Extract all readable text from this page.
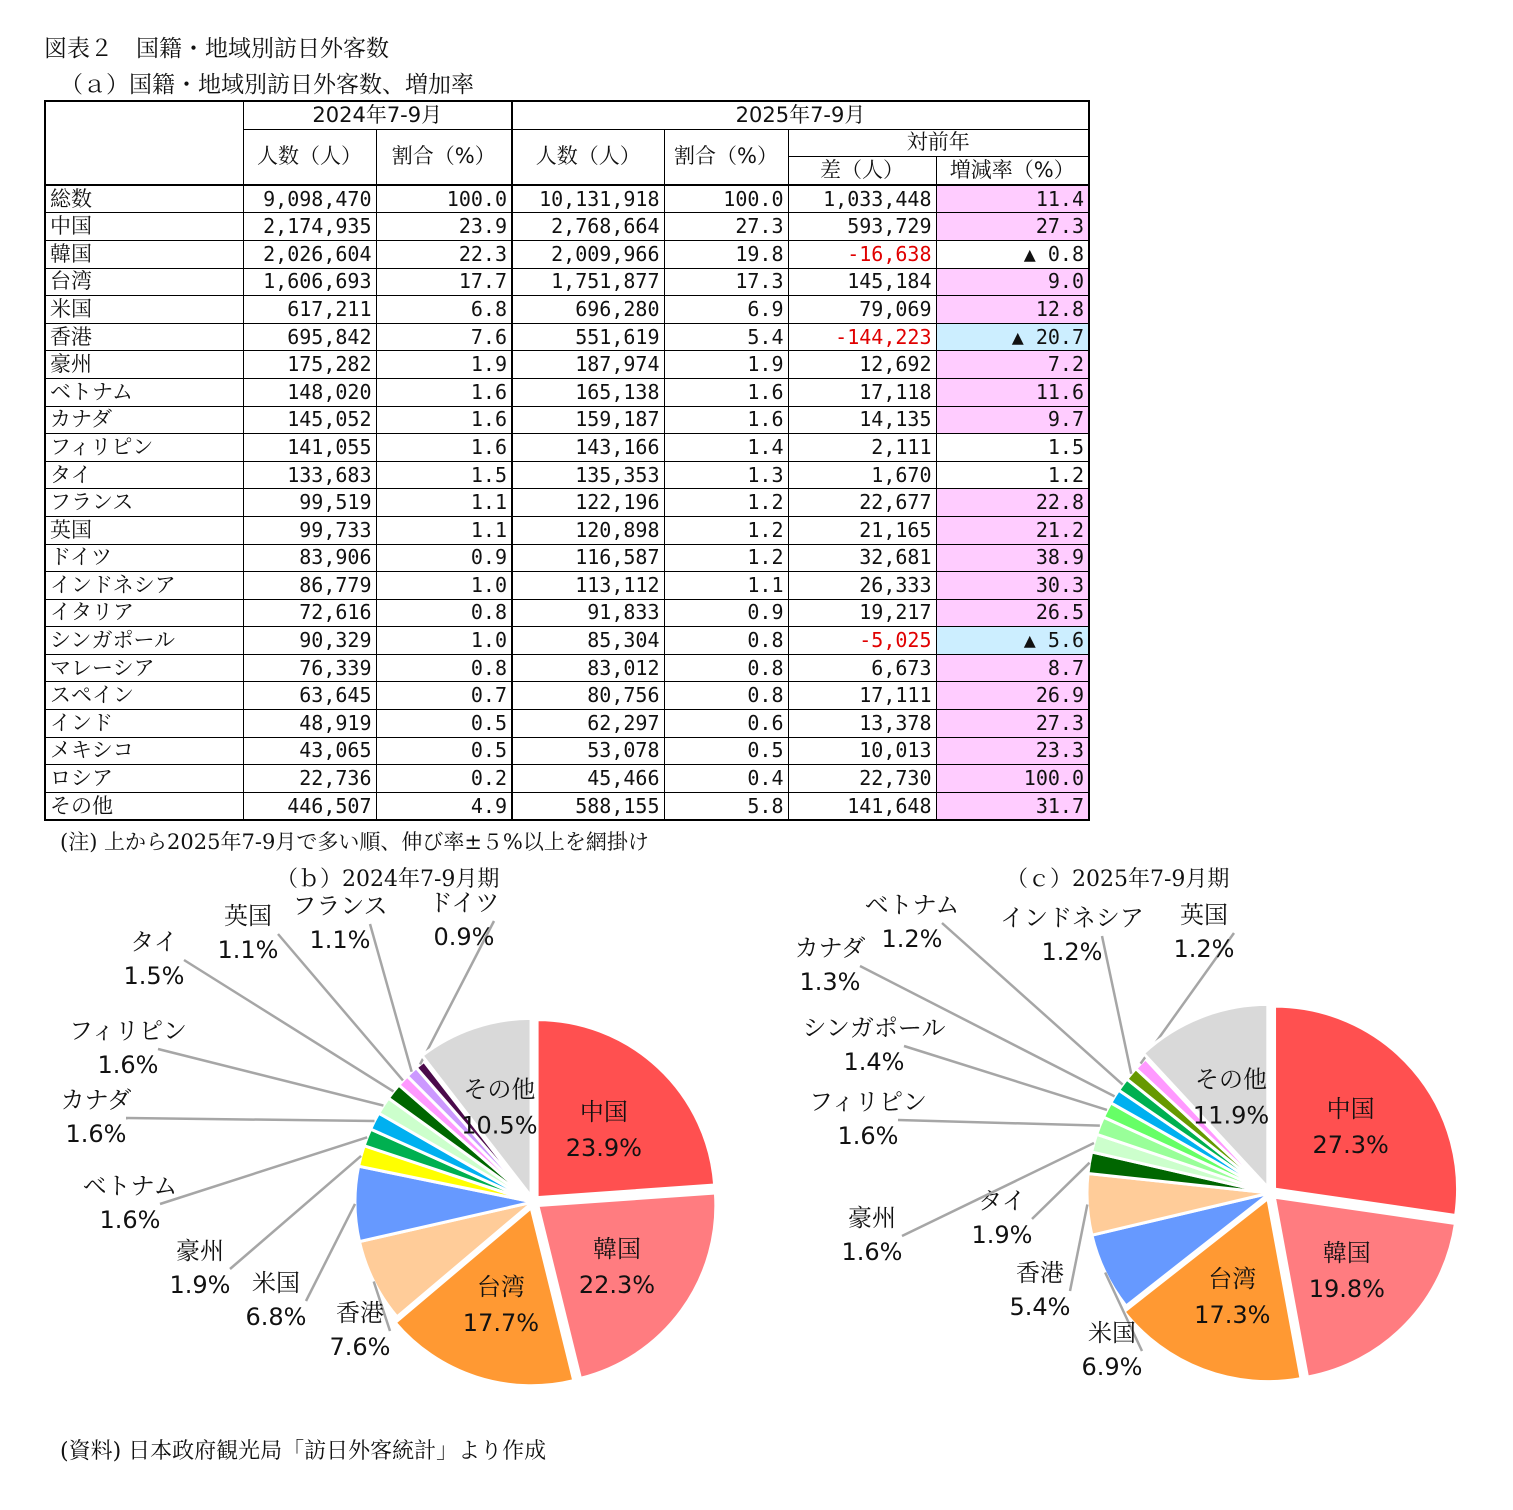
図表２　国籍・地域別訪日外客数
（ａ）国籍・地域別訪日外客数、増加率
	2024年7-9月		2025年7-9月			
	人数（人）	割合（%）	人数（人）	割合（%）	対前年	
					差（人）	増減率（%）
総数	9,098,470	100.0	10,131,918	100.0	1,033,448	11.4
中国	2,174,935	23.9	2,768,664	27.3	593,729	27.3
韓国	2,026,604	22.3	2,009,966	19.8	-16,638	▲ 0.8
台湾	1,606,693	17.7	1,751,877	17.3	145,184	9.0
米国	617,211	6.8	696,280	6.9	79,069	12.8
香港	695,842	7.6	551,619	5.4	-144,223	▲ 20.7
豪州	175,282	1.9	187,974	1.9	12,692	7.2
ベトナム	148,020	1.6	165,138	1.6	17,118	11.6
カナダ	145,052	1.6	159,187	1.6	14,135	9.7
フィリピン	141,055	1.6	143,166	1.4	2,111	1.5
タイ	133,683	1.5	135,353	1.3	1,670	1.2
フランス	99,519	1.1	122,196	1.2	22,677	22.8
英国	99,733	1.1	120,898	1.2	21,165	21.2
ドイツ	83,906	0.9	116,587	1.2	32,681	38.9
インドネシア	86,779	1.0	113,112	1.1	26,333	30.3
イタリア	72,616	0.8	91,833	0.9	19,217	26.5
シンガポール	90,329	1.0	85,304	0.8	-5,025	▲ 5.6
マレーシア	76,339	0.8	83,012	0.8	6,673	8.7
スペイン	63,645	0.7	80,756	0.8	17,111	26.9
インド	48,919	0.5	62,297	0.6	13,378	27.3
メキシコ	43,065	0.5	53,078	0.5	10,013	23.3
ロシア	22,736	0.2	45,466	0.4	22,730	100.0
その他	446,507	4.9	588,155	5.8	141,648	31.7
(注) 上から2025年7-9月で多い順、伸び率±５%以上を網掛け
（ｂ）2024年7-9月期	（ｃ）2025年7-9月期
中国
23.9%
韓国
22.3%
台湾
17.7%
香港
7.6%
米国
6.8%
豪州
1.9%
ベトナム
1.6%
カナダ
1.6%
フィリピン
1.6%
タイ
1.5%
英国
1.1%
フランス
1.1%
ドイツ
0.9%
その他
10.5%
中国
27.3%
韓国
19.8%
台湾
17.3%
米国
6.9%
香港
5.4%
タイ
1.9%
豪州
1.6%
フィリピン
1.6%
シンガポール
1.4%
カナダ
1.3%
ベトナム
1.2%
インドネシア
1.2%
英国
1.2%
その他
11.9%
(資料) 日本政府観光局「訪日外客統計」より作成
